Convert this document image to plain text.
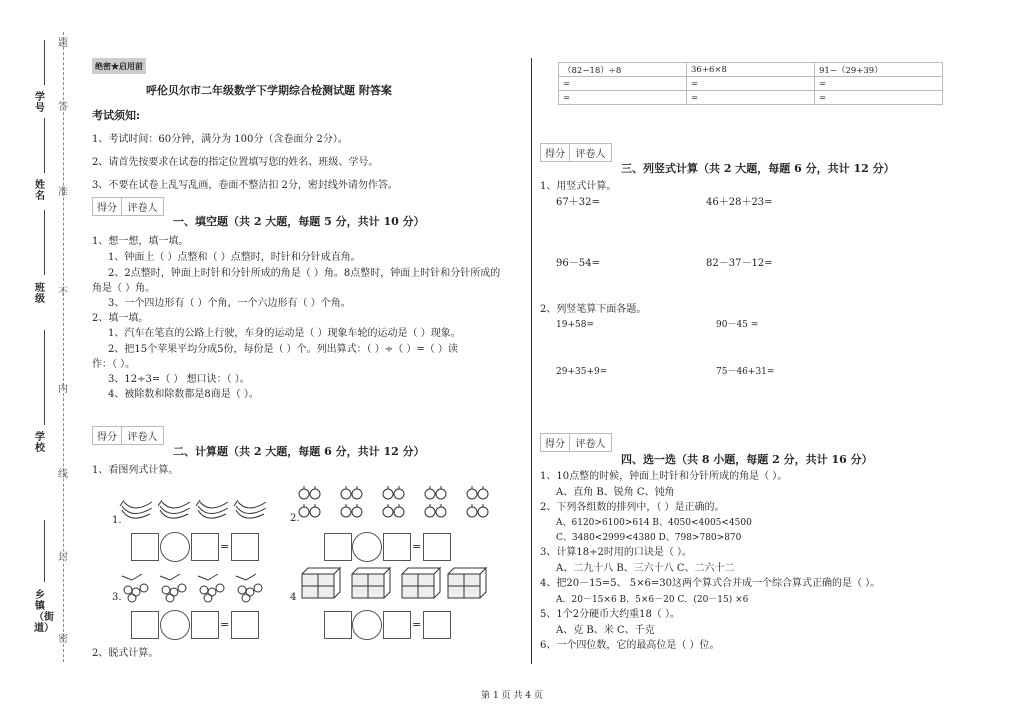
题
学号 答
姓名 准
班级
不
内
学校
线
封
乡镇（街道）
密
绝密★启用前
呼伦贝尔市二年级数学下学期综合检测试题 附答案
考试须知:
1、考试时间：60分钟，满分为 100分（含卷面分 2分）。
2、请首先按要求在试卷的指定位置填写您的姓名、班级、学号。
3、不要在试卷上乱写乱画，卷面不整洁扣 2分，密封线外请勿作答。
得分	评卷人
一、填空题（共 2 大题，每题 5 分，共计 10 分）
1、想一想，填一填。
1、钟面上（ ）点整和（ ）点整时，时针和分针成直角。
2、2点整时，钟面上时针和分针所成的角是（ ）角。8点整时，钟面上时针和分针所成的
角是（ ）角。
3、一个四边形有（ ）个角，一个六边形有（ ）个角。
2、填一填。
1、汽车在笔直的公路上行驶，车身的运动是（ ）现象车轮的运动是（ ）现象。
2、把15个苹果平均分成5份，每份是（ ）个。列出算式：（ ）÷（ ）=（ ）读
作：（ ）。
3、12÷3=（ ） 想口诀：（ ）。
4、被除数和除数都是8商是（ ）。
得分	评卷人
二、计算题（共 2 大题，每题 6 分，共计 12 分）
1、看图列式计算。
1.
=
2.
=
3.
=
4
=
2、脱式计算。
（82−18）÷8	36+6×8	91−（29+39）
=	=	=
=	=	=
得分	评卷人
三、列竖式计算（共 2 大题，每题 6 分，共计 12 分）
1、用竖式计算。
67＋32=	46＋28＋23=
96－54=	82－37－12=
2、列竖笔算下面各题。
19+58=	90－45 =
29+35+9=	75－46+31=
得分	评卷人
四、选一选（共 8 小题，每题 2 分，共计 16 分）
1、10点整的时候，钟面上时针和分针所成的角是（ ）。
A、直角 B、锐角 C、钝角
2、下列各组数的排列中，（ ）是正确的。
A、6120>6100>614 B、4050<4005<4500
C、3480<2999<4380 D、798>780>870
3、计算18÷2时用的口诀是（ ）。
A、二九十八 B、三六十八 C、二六十二
4、把20－15=5、 5×6=30这两个算式合并成一个综合算式正确的是（ ）。
A．20－15×6 B．5×6－20 C．(20－15) ×6
5、1个2分硬币大约重18（ ）。
A、克 B、米 C、千克
6、一个四位数，它的最高位是（ ）位。
第 1 页 共 4 页
